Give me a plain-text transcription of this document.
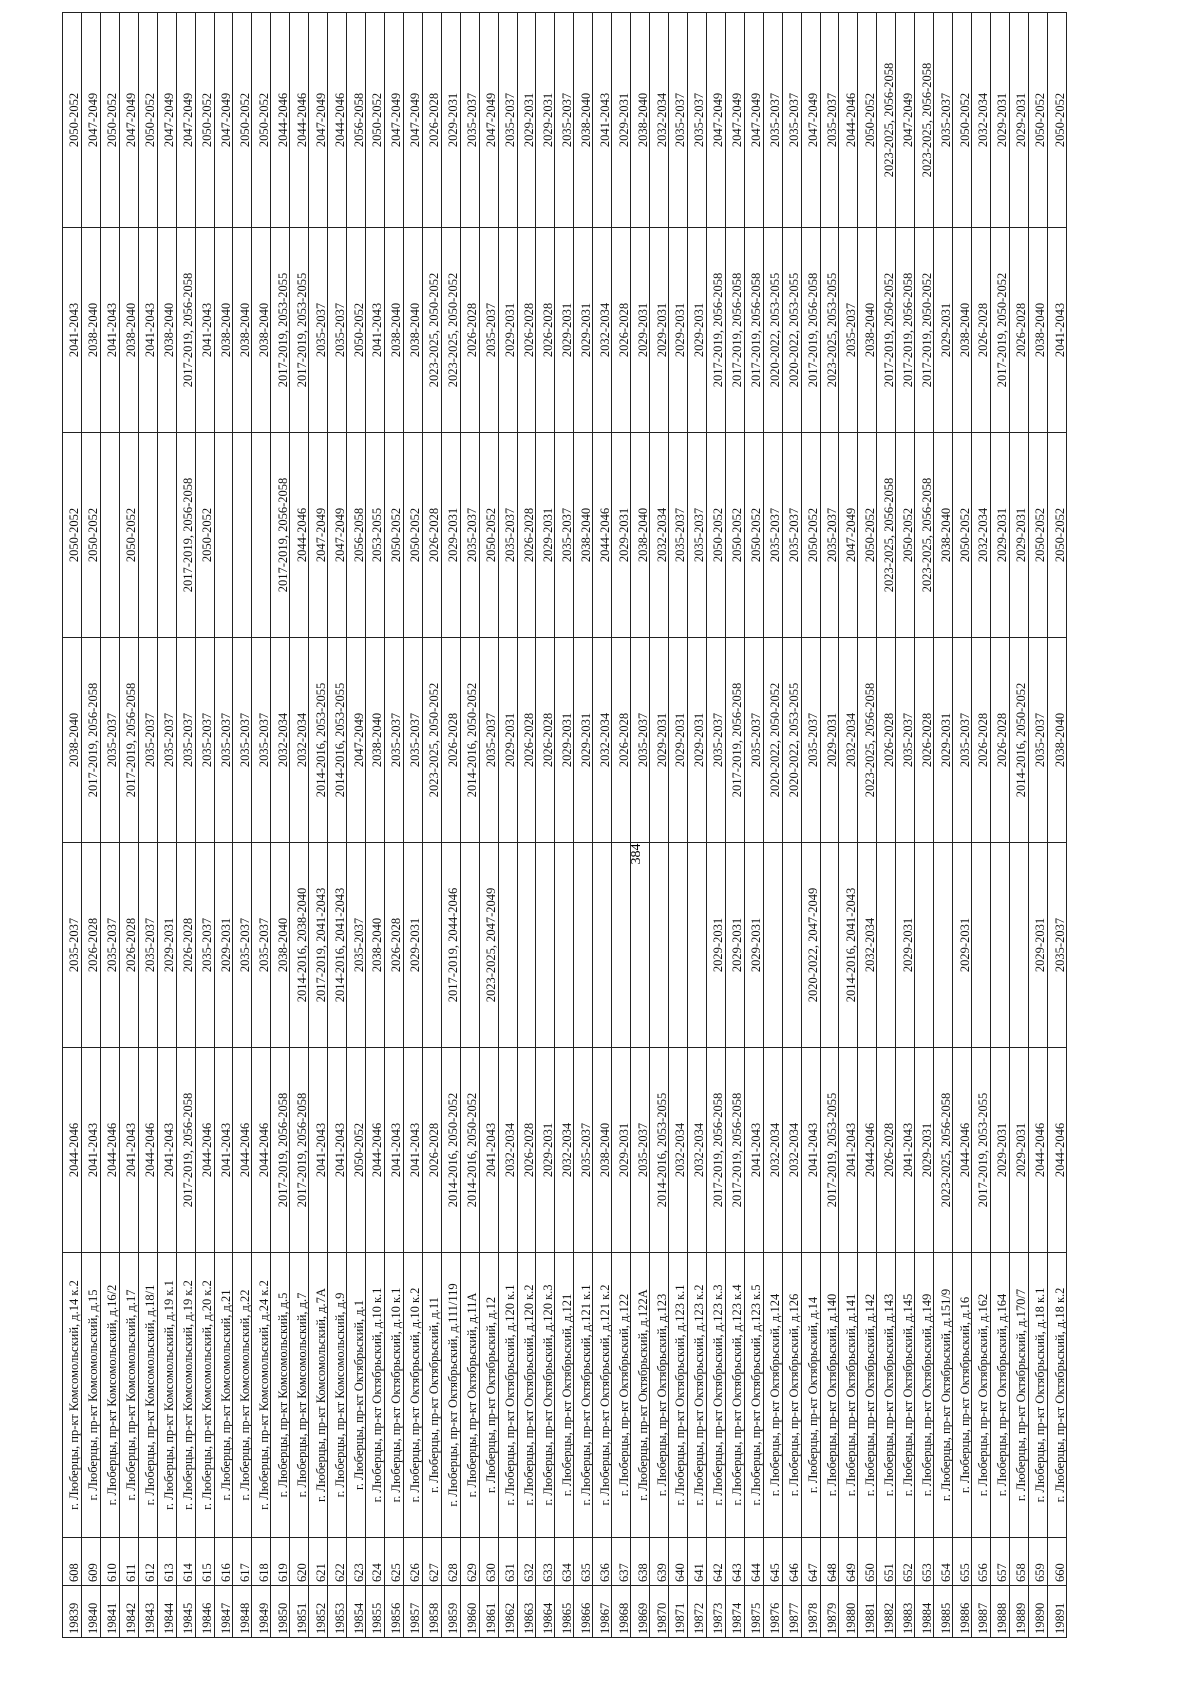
19839	608	г. Люберцы, пр-кт Комсомольский, д.14 к.2	2044-2046	2035-2037	2038-2040	2050-2052	2041-2043	2050-2052
19840	609	г. Люберцы, пр-кт Комсомольский, д.15	2041-2043	2026-2028	2017-2019, 2056-2058	2050-2052	2038-2040	2047-2049
19841	610	г. Люберцы, пр-кт Комсомольский, д.16/2	2044-2046	2035-2037	2035-2037		2041-2043	2050-2052
19842	611	г. Люберцы, пр-кт Комсомольский, д.17	2041-2043	2026-2028	2017-2019, 2056-2058	2050-2052	2038-2040	2047-2049
19843	612	г. Люберцы, пр-кт Комсомольский, д.18/1	2044-2046	2035-2037	2035-2037		2041-2043	2050-2052
19844	613	г. Люберцы, пр-кт Комсомольский, д.19 к.1	2041-2043	2029-2031	2035-2037		2038-2040	2047-2049
19845	614	г. Люберцы, пр-кт Комсомольский, д.19 к.2	2017-2019, 2056-2058	2026-2028	2035-2037	2017-2019, 2056-2058	2017-2019, 2056-2058	2047-2049
19846	615	г. Люберцы, пр-кт Комсомольский, д.20 к.2	2044-2046	2035-2037	2035-2037	2050-2052	2041-2043	2050-2052
19847	616	г. Люберцы, пр-кт Комсомольский, д.21	2041-2043	2029-2031	2035-2037		2038-2040	2047-2049
19848	617	г. Люберцы, пр-кт Комсомольский, д.22	2044-2046	2035-2037	2035-2037		2038-2040	2050-2052
19849	618	г. Люберцы, пр-кт Комсомольский, д.24 к.2	2044-2046	2035-2037	2035-2037		2038-2040	2050-2052
19850	619	г. Люберцы, пр-кт Комсомольский, д.5	2017-2019, 2056-2058	2038-2040	2032-2034	2017-2019, 2056-2058	2017-2019, 2053-2055	2044-2046
19851	620	г. Люберцы, пр-кт Комсомольский, д.7	2017-2019, 2056-2058	2014-2016, 2038-2040	2032-2034	2044-2046	2017-2019, 2053-2055	2044-2046
19852	621	г. Люберцы, пр-кт Комсомольский, д.7А	2041-2043	2017-2019, 2041-2043	2014-2016, 2053-2055	2047-2049	2035-2037	2047-2049
19853	622	г. Люберцы, пр-кт Комсомольский, д.9	2041-2043	2014-2016, 2041-2043	2014-2016, 2053-2055	2047-2049	2035-2037	2044-2046
19854	623	г. Люберцы, пр-кт Октябрьский, д.1	2050-2052	2035-2037	2047-2049	2056-2058	2050-2052	2056-2058
19855	624	г. Люберцы, пр-кт Октябрьский, д.10 к.1	2044-2046	2038-2040	2038-2040	2053-2055	2041-2043	2050-2052
19856	625	г. Люберцы, пр-кт Октябрьский, д.10 к.1	2041-2043	2026-2028	2035-2037	2050-2052	2038-2040	2047-2049
19857	626	г. Люберцы, пр-кт Октябрьский, д.10 к.2	2041-2043	2029-2031	2035-2037	2050-2052	2038-2040	2047-2049
19858	627	г. Люберцы, пр-кт Октябрьский, д.11	2026-2028		2023-2025, 2050-2052	2026-2028	2023-2025, 2050-2052	2026-2028
19859	628	г. Люберцы, пр-кт Октябрьский, д.111/119	2014-2016, 2050-2052	2017-2019, 2044-2046	2026-2028	2029-2031	2023-2025, 2050-2052	2029-2031
19860	629	г. Люберцы, пр-кт Октябрьский, д.11А	2014-2016, 2050-2052		2014-2016, 2050-2052	2035-2037	2026-2028	2035-2037
19861	630	г. Люберцы, пр-кт Октябрьский, д.12	2041-2043	2023-2025, 2047-2049	2035-2037	2050-2052	2035-2037	2047-2049
19862	631	г. Люберцы, пр-кт Октябрьский, д.120 к.1	2032-2034		2029-2031	2035-2037	2029-2031	2035-2037
19863	632	г. Люберцы, пр-кт Октябрьский, д.120 к.2	2026-2028		2026-2028	2026-2028	2026-2028	2029-2031
19864	633	г. Люберцы, пр-кт Октябрьский, д.120 к.3	2029-2031		2026-2028	2029-2031	2026-2028	2029-2031
19865	634	г. Люберцы, пр-кт Октябрьский, д.121	2032-2034		2029-2031	2035-2037	2029-2031	2035-2037
19866	635	г. Люберцы, пр-кт Октябрьский, д.121 к.1	2035-2037		2029-2031	2038-2040	2029-2031	2038-2040
19867	636	г. Люберцы, пр-кт Октябрьский, д.121 к.2	2038-2040		2032-2034	2044-2046	2032-2034	2041-2043
19868	637	г. Люберцы, пр-кт Октябрьский, д.122	2029-2031		2026-2028	2029-2031	2026-2028	2029-2031
19869	638	г. Люберцы, пр-кт Октябрьский, д.122А	2035-2037		2035-2037	2038-2040	2029-2031	2038-2040
19870	639	г. Люберцы, пр-кт Октябрьский, д.123	2014-2016, 2053-2055		2029-2031	2032-2034	2029-2031	2032-2034
19871	640	г. Люберцы, пр-кт Октябрьский, д.123 к.1	2032-2034		2029-2031	2035-2037	2029-2031	2035-2037
19872	641	г. Люберцы, пр-кт Октябрьский, д.123 к.2	2032-2034		2029-2031	2035-2037	2029-2031	2035-2037
19873	642	г. Люберцы, пр-кт Октябрьский, д.123 к.3	2017-2019, 2056-2058	2029-2031	2035-2037	2050-2052	2017-2019, 2056-2058	2047-2049
19874	643	г. Люберцы, пр-кт Октябрьский, д.123 к.4	2017-2019, 2056-2058	2029-2031	2017-2019, 2056-2058	2050-2052	2017-2019, 2056-2058	2047-2049
19875	644	г. Люберцы, пр-кт Октябрьский, д.123 к.5	2041-2043	2029-2031	2035-2037	2050-2052	2017-2019, 2056-2058	2047-2049
19876	645	г. Люберцы, пр-кт Октябрьский, д.124	2032-2034		2020-2022, 2050-2052	2035-2037	2020-2022, 2053-2055	2035-2037
19877	646	г. Люберцы, пр-кт Октябрьский, д.126	2032-2034		2020-2022, 2053-2055	2035-2037	2020-2022, 2053-2055	2035-2037
19878	647	г. Люберцы, пр-кт Октябрьский, д.14	2041-2043	2020-2022, 2047-2049	2035-2037	2050-2052	2017-2019, 2056-2058	2047-2049
19879	648	г. Люберцы, пр-кт Октябрьский, д.140	2017-2019, 2053-2055		2029-2031	2035-2037	2023-2025, 2053-2055	2035-2037
19880	649	г. Люберцы, пр-кт Октябрьский, д.141	2041-2043	2014-2016, 2041-2043	2032-2034	2047-2049	2035-2037	2044-2046
19881	650	г. Люберцы, пр-кт Октябрьский, д.142	2044-2046	2032-2034	2023-2025, 2056-2058	2050-2052	2038-2040	2050-2052
19882	651	г. Люберцы, пр-кт Октябрьский, д.143	2026-2028		2026-2028	2023-2025, 2056-2058	2017-2019, 2050-2052	2023-2025, 2056-2058
19883	652	г. Люберцы, пр-кт Октябрьский, д.145	2041-2043	2029-2031	2035-2037	2050-2052	2017-2019, 2056-2058	2047-2049
19884	653	г. Люберцы, пр-кт Октябрьский, д.149	2029-2031		2026-2028	2023-2025, 2056-2058	2017-2019, 2050-2052	2023-2025, 2056-2058
19885	654	г. Люберцы, пр-кт Октябрьский, д.151/9	2023-2025, 2056-2058		2029-2031	2038-2040	2029-2031	2035-2037
19886	655	г. Люберцы, пр-кт Октябрьский, д.16	2044-2046	2029-2031	2035-2037	2050-2052	2038-2040	2050-2052
19887	656	г. Люберцы, пр-кт Октябрьский, д.162	2017-2019, 2053-2055		2026-2028	2032-2034	2026-2028	2032-2034
19888	657	г. Люберцы, пр-кт Октябрьский, д.164	2029-2031		2026-2028	2029-2031	2017-2019, 2050-2052	2029-2031
19889	658	г. Люберцы, пр-кт Октябрьский, д.170/7	2029-2031		2014-2016, 2050-2052	2029-2031	2026-2028	2029-2031
19890	659	г. Люберцы, пр-кт Октябрьский, д.18 к.1	2044-2046	2029-2031	2035-2037	2050-2052	2038-2040	2050-2052
19891	660	г. Люберцы, пр-кт Октябрьский, д.18 к.2	2044-2046	2035-2037	2038-2040	2050-2052	2041-2043	2050-2052
384
